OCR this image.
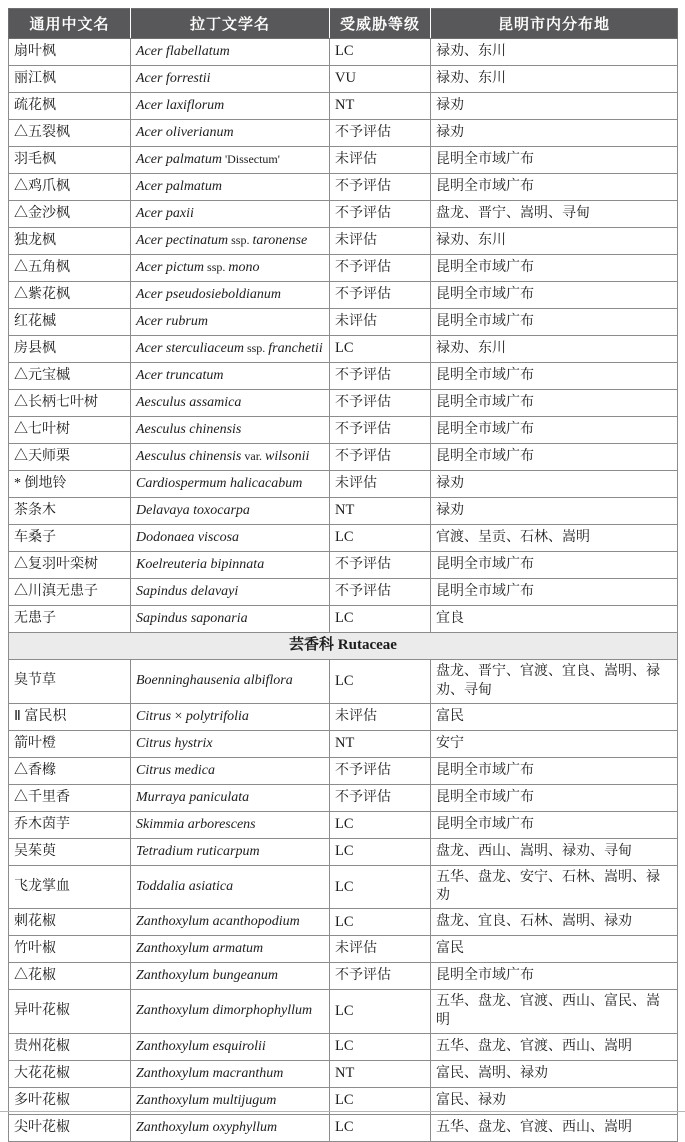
通用中文名	拉丁文学名	受威胁等级	昆明市内分布地
扇叶枫	Acer flabellatum	LC	禄劝、东川
丽江枫	Acer forrestii	VU	禄劝、东川
疏花枫	Acer laxiflorum	NT	禄劝
△五裂枫	Acer oliverianum	不予评估	禄劝
羽毛枫	Acer palmatum 'Dissectum'	未评估	昆明全市域广布
△鸡爪枫	Acer palmatum	不予评估	昆明全市域广布
△金沙枫	Acer paxii	不予评估	盘龙、晋宁、嵩明、寻甸
独龙枫	Acer pectinatum ssp. taronense	未评估	禄劝、东川
△五角枫	Acer pictum ssp. mono	不予评估	昆明全市域广布
△紫花枫	Acer pseudosieboldianum	不予评估	昆明全市域广布
红花槭	Acer rubrum	未评估	昆明全市域广布
房县枫	Acer sterculiaceum ssp. franchetii	LC	禄劝、东川
△元宝槭	Acer truncatum	不予评估	昆明全市域广布
△长柄七叶树	Aesculus assamica	不予评估	昆明全市域广布
△七叶树	Aesculus chinensis	不予评估	昆明全市域广布
△天师栗	Aesculus chinensis var. wilsonii	不予评估	昆明全市域广布
* 倒地铃	Cardiospermum halicacabum	未评估	禄劝
茶条木	Delavaya toxocarpa	NT	禄劝
车桑子	Dodonaea viscosa	LC	官渡、呈贡、石林、嵩明
△复羽叶栾树	Koelreuteria bipinnata	不予评估	昆明全市域广布
△川滇无患子	Sapindus delavayi	不予评估	昆明全市域广布
无患子	Sapindus saponaria	LC	宜良
芸香科 Rutaceae			
臭节草	Boenninghausenia albiflora	LC	盘龙、晋宁、官渡、宜良、嵩明、禄劝、寻甸
Ⅱ 富民枳	Citrus × polytrifolia	未评估	富民
箭叶橙	Citrus hystrix	NT	安宁
△香橼	Citrus medica	不予评估	昆明全市域广布
△千里香	Murraya paniculata	不予评估	昆明全市域广布
乔木茵芋	Skimmia arborescens	LC	昆明全市域广布
吴茱萸	Tetradium ruticarpum	LC	盘龙、西山、嵩明、禄劝、寻甸
飞龙掌血	Toddalia asiatica	LC	五华、盘龙、安宁、石林、嵩明、禄劝
刺花椒	Zanthoxylum acanthopodium	LC	盘龙、宜良、石林、嵩明、禄劝
竹叶椒	Zanthoxylum armatum	未评估	富民
△花椒	Zanthoxylum bungeanum	不予评估	昆明全市域广布
异叶花椒	Zanthoxylum dimorphophyllum	LC	五华、盘龙、官渡、西山、富民、嵩明
贵州花椒	Zanthoxylum esquirolii	LC	五华、盘龙、官渡、西山、嵩明
大花花椒	Zanthoxylum macranthum	NT	富民、嵩明、禄劝
多叶花椒	Zanthoxylum multijugum	LC	富民、禄劝
尖叶花椒	Zanthoxylum oxyphyllum	LC	五华、盘龙、官渡、西山、嵩明
